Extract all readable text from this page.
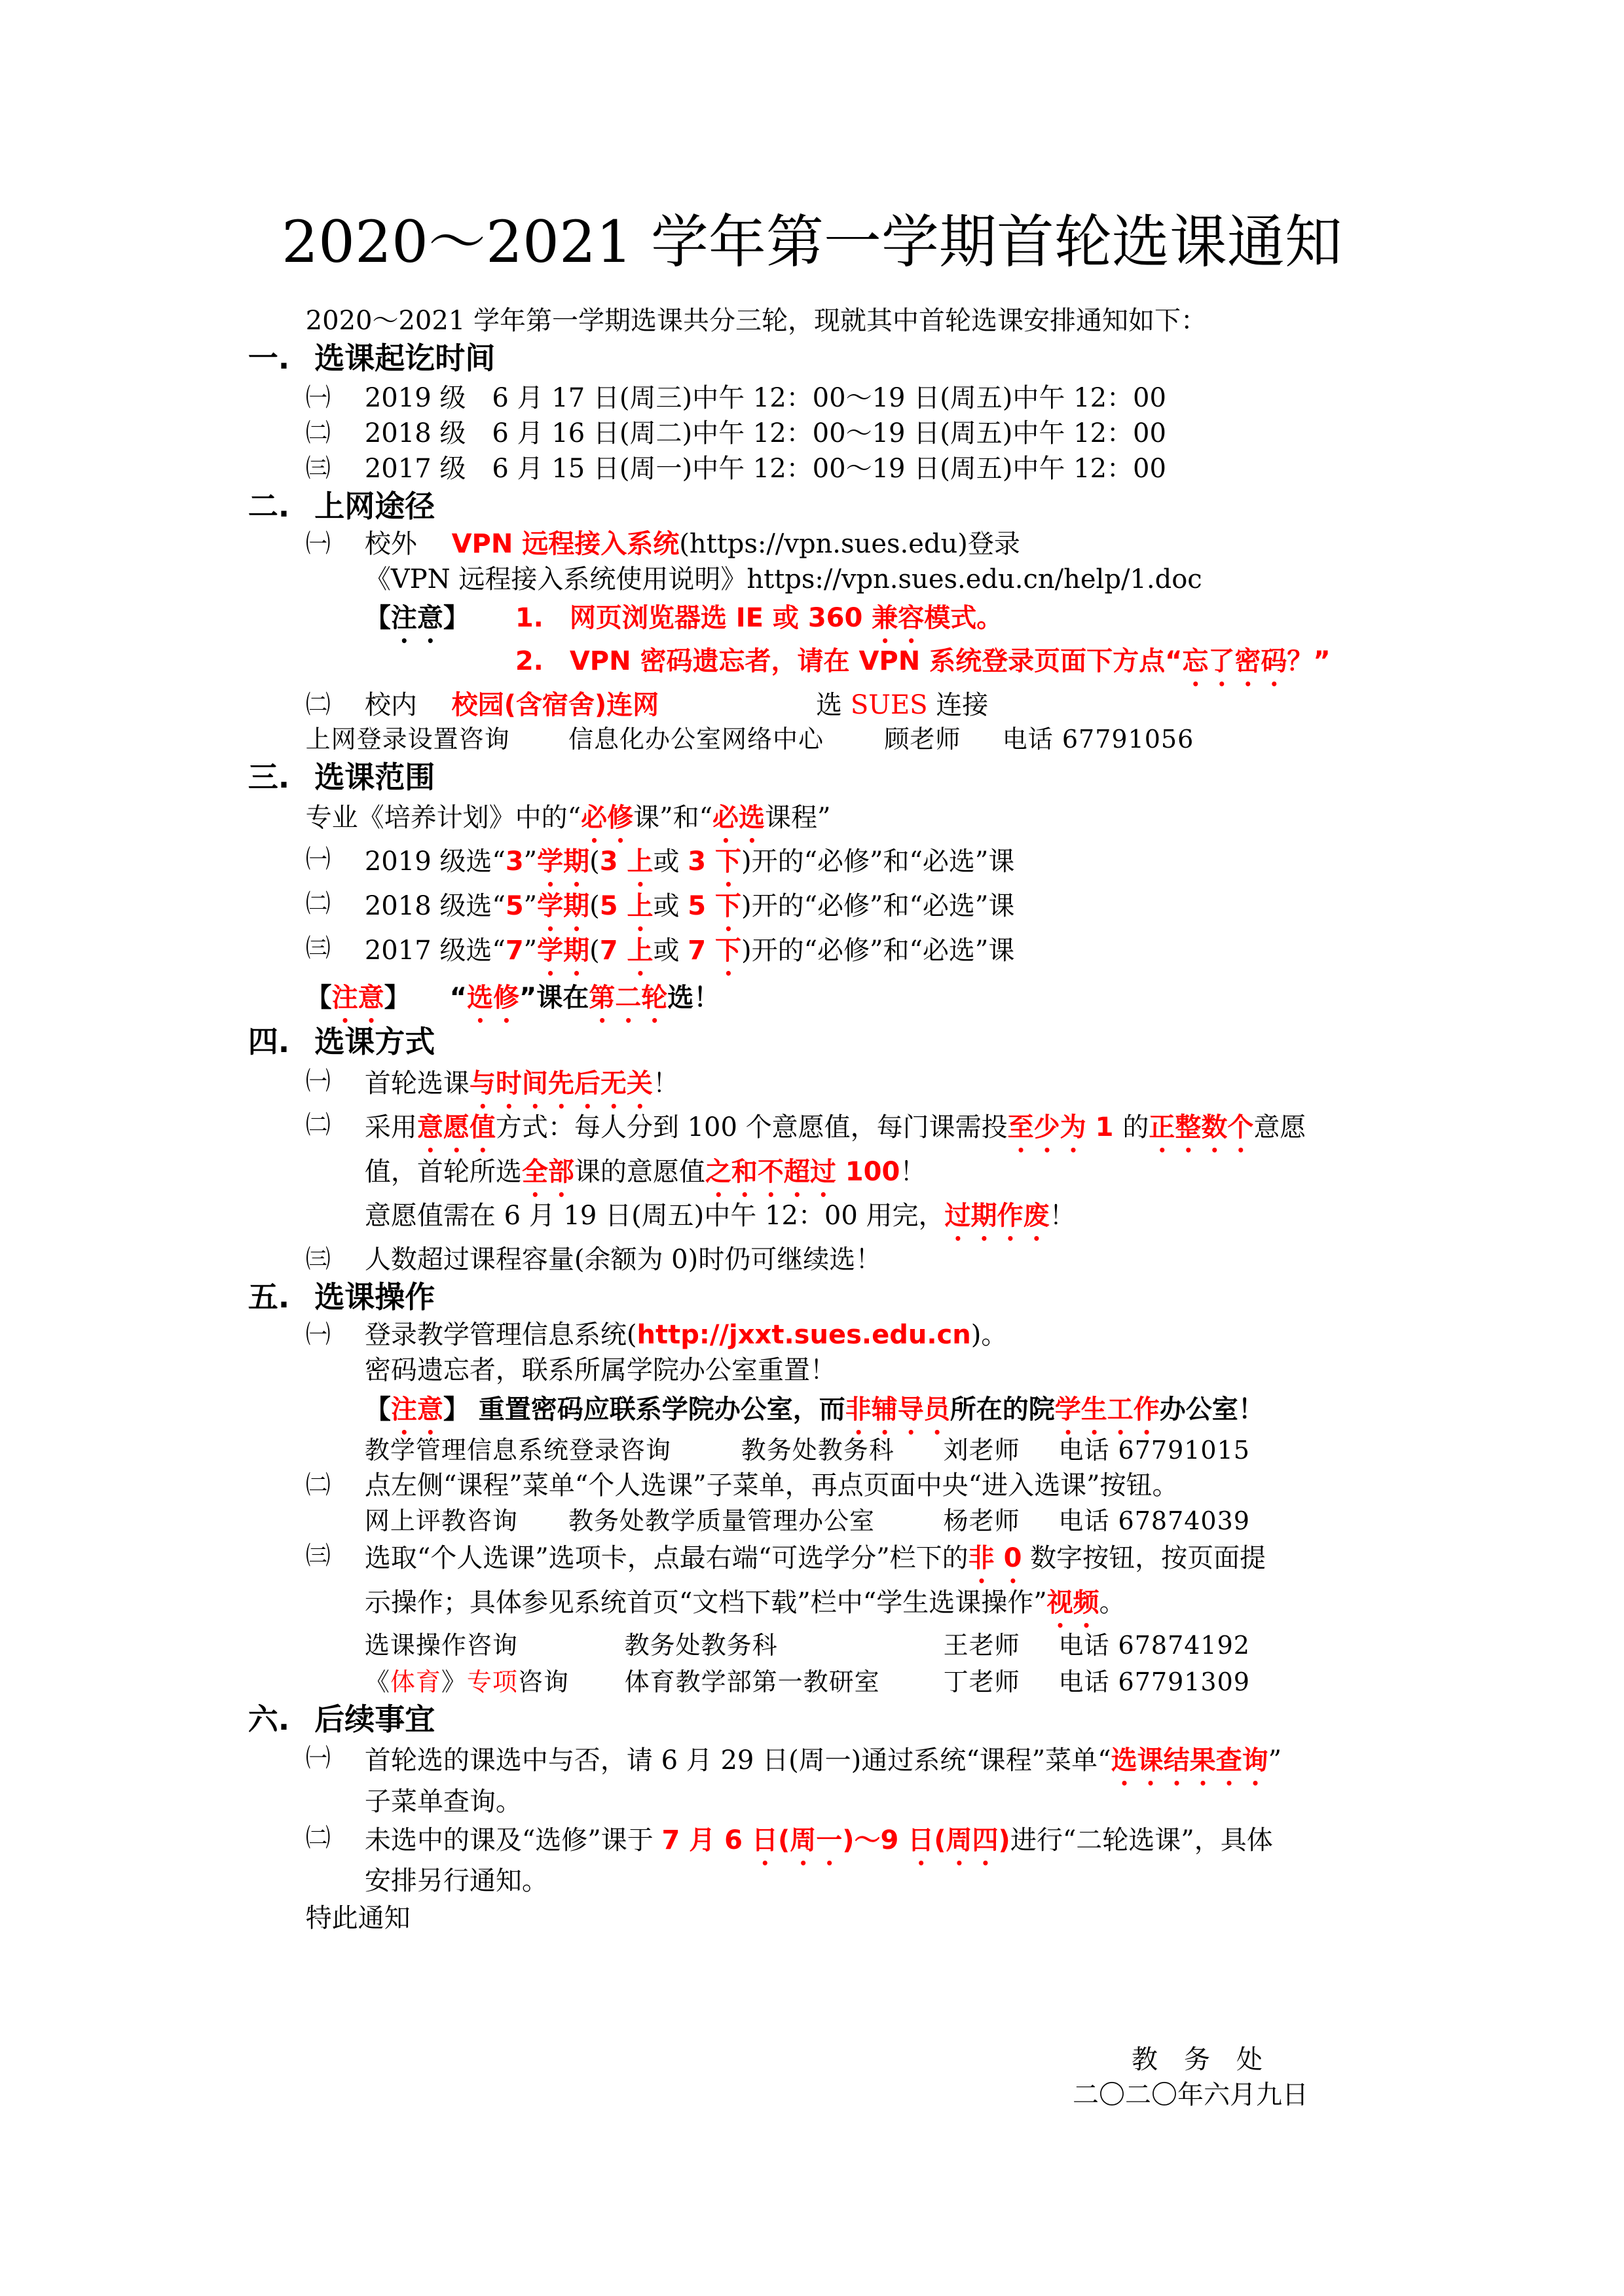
2020～2021 学年第一学期首轮选课通知
2020～2021 学年第一学期选课共分三轮，现就其中首轮选课安排通知如下：
一. 选课起讫时间
㈠ 2019 级　6 月 17 日(周三)中午 12：00～19 日(周五)中午 12：00
㈡ 2018 级　6 月 16 日(周二)中午 12：00～19 日(周五)中午 12：00
㈢ 2017 级　6 月 15 日(周一)中午 12：00～19 日(周五)中午 12：00
二. 上网途径
㈠ 校外　 VPN 远程接入系统(https://vpn.sues.edu)登录
《VPN 远程接入系统使用说明》https://vpn.sues.edu.cn/help/1.doc
【注意】 1.　网页浏览器选 IE 或 360 兼容模式。
2.　VPN 密码遗忘者，请在 VPN 系统登录页面下方点“忘了密码？”
㈡ 校内　 校园(含宿舍)连网　　　　　　选 SUES 连接
上网登录设置咨询 信息化办公室网络中心 顾老师 电话 67791056
三. 选课范围
专业《培养计划》中的“必修课”和“必选课程”
㈠ 2019 级选“3”学期(3 上或 3 下)开的“必修”和“必选”课
㈡ 2018 级选“5”学期(5 上或 5 下)开的“必修”和“必选”课
㈢ 2017 级选“7”学期(7 上或 7 下)开的“必修”和“必选”课
【注意】　　“选修”课在第二轮选！
四. 选课方式
㈠ 首轮选课与时间先后无关！
㈡ 采用意愿值方式：每人分到 100 个意愿值，每门课需投至少为 1 的正整数个意愿
值，首轮所选全部课的意愿值之和不超过 100！
意愿值需在 6 月 19 日(周五)中午 12：00 用完，过期作废！
㈢ 人数超过课程容量(余额为 0)时仍可继续选！
五. 选课操作
㈠ 登录教学管理信息系统(http://jxxt.sues.edu.cn)。
密码遗忘者，联系所属学院办公室重置！
【注意】 重置密码应联系学院办公室，而非辅导员所在的院学生工作办公室！
教学管理信息系统登录咨询	教务处教务科 刘老师 电话 67791015
㈡ 点左侧“课程”菜单“个人选课”子菜单，再点页面中央“进入选课”按钮。
网上评教咨询 教务处教学质量管理办公室	杨老师 电话 67874039
㈢ 选取“个人选课”选项卡，点最右端“可选学分”栏下的非 0 数字按钮，按页面提
示操作；具体参见系统首页“文档下载”栏中“学生选课操作”视频。
选课操作咨询	教务处教务科	王老师 电话 67874192
《体育》专项咨询 体育教学部第一教研室	丁老师 电话 67791309
六. 后续事宜
㈠ 首轮选的课选中与否，请 6 月 29 日(周一)通过系统“课程”菜单“选课结果查询”
子菜单查询。
㈡ 未选中的课及“选修”课于 7 月 6 日(周一)～9 日(周四)进行“二轮选课”，具体
安排另行通知。
特此通知
教　务　处
二〇二〇年六月九日
